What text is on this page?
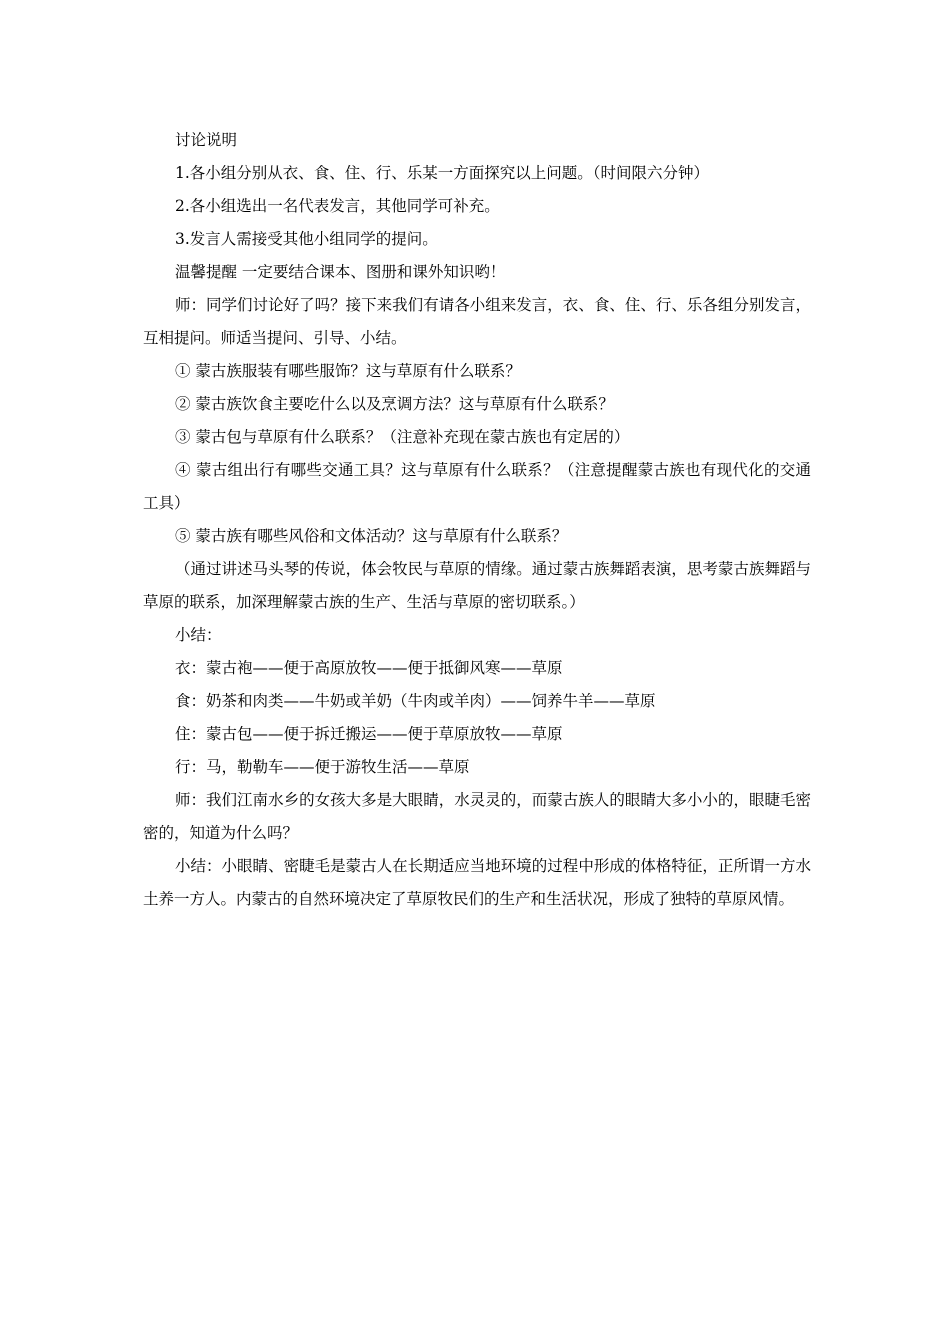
讨论说明

1.各小组分别从衣、食、住、行、乐某一方面探究以上问题。（时间限六分钟）

2.各小组选出一名代表发言，其他同学可补充。

3.发言人需接受其他小组同学的提问。

温馨提醒 一定要结合课本、图册和课外知识哟！

师：同学们讨论好了吗？接下来我们有请各小组来发言，衣、食、住、行、乐各组分别发言，互相提问。师适当提问、引导、小结。

① 蒙古族服装有哪些服饰？这与草原有什么联系？

② 蒙古族饮食主要吃什么以及烹调方法？这与草原有什么联系？

③ 蒙古包与草原有什么联系？（注意补充现在蒙古族也有定居的）

④ 蒙古组出行有哪些交通工具？这与草原有什么联系？（注意提醒蒙古族也有现代化的交通工具）

⑤ 蒙古族有哪些风俗和文体活动？这与草原有什么联系？

（通过讲述马头琴的传说，体会牧民与草原的情缘。通过蒙古族舞蹈表演，思考蒙古族舞蹈与草原的联系，加深理解蒙古族的生产、生活与草原的密切联系。）

小结：

衣：蒙古袍——便于高原放牧——便于抵御风寒——草原

食：奶茶和肉类——牛奶或羊奶（牛肉或羊肉）——饲养牛羊——草原

住：蒙古包——便于拆迁搬运——便于草原放牧——草原

行：马，勒勒车——便于游牧生活——草原

师：我们江南水乡的女孩大多是大眼睛，水灵灵的，而蒙古族人的眼睛大多小小的，眼睫毛密密的，知道为什么吗？

小结：小眼睛、密睫毛是蒙古人在长期适应当地环境的过程中形成的体格特征，正所谓一方水土养一方人。内蒙古的自然环境决定了草原牧民们的生产和生活状况，形成了独特的草原风情。
